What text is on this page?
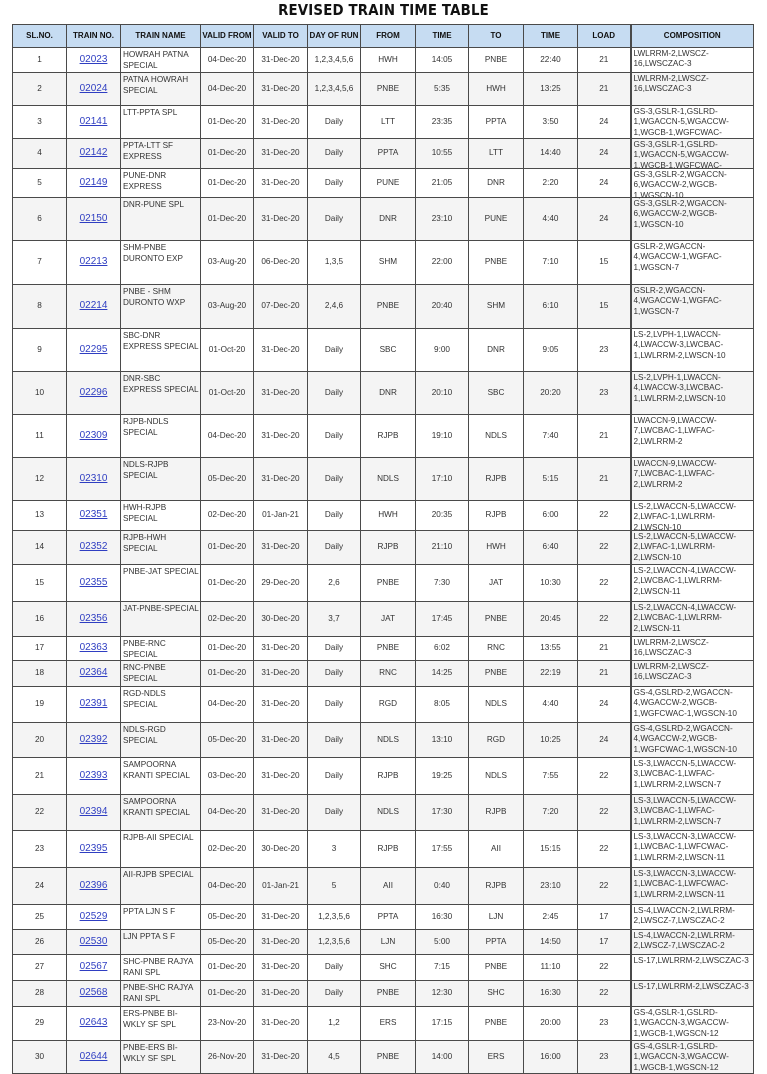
REVISED TRAIN TIME TABLE
SL.NO.	TRAIN NO.	TRAIN NAME	VALID FROM	VALID TO	DAY OF RUN	FROM	TIME	TO	TIME	LOAD	COMPOSITION
1	02023	HOWRAH PATNA SPECIAL	04-Dec-20	31-Dec-20	1,2,3,4,5,6	HWH	14:05	PNBE	22:40	21	LWLRRM-2,LWSCZ-16,LWSCZAC-3

2	02024	PATNA HOWRAH SPECIAL	04-Dec-20	31-Dec-20	1,2,3,4,5,6	PNBE	5:35	HWH	13:25	21	LWLRRM-2,LWSCZ-16,LWSCZAC-3

3	02141	LTT-PPTA SPL	01-Dec-20	31-Dec-20	Daily	LTT	23:35	PPTA	3:50	24	GS-3,GSLR-1,GSLRD-1,WGACCN-5,WGACCW-1,WGCB-1,WGFCWAC-

4	02142	PPTA-LTT SF EXPRESS	01-Dec-20	31-Dec-20	Daily	PPTA	10:55	LTT	14:40	24	GS-3,GSLR-1,GSLRD-1,WGACCN-5,WGACCW-1,WGCB-1,WGFCWAC-

5	02149	PUNE-DNR EXPRESS	01-Dec-20	31-Dec-20	Daily	PUNE	21:05	DNR	2:20	24	GS-3,GSLR-2,WGACCN-6,WGACCW-2,WGCB-1,WGSCN-10

6	02150	DNR-PUNE SPL	01-Dec-20	31-Dec-20	Daily	DNR	23:10	PUNE	4:40	24	GS-3,GSLR-2,WGACCN-6,WGACCW-2,WGCB-1,WGSCN-10

7	02213	SHM-PNBE DURONTO EXP	03-Aug-20	06-Dec-20	1,3,5	SHM	22:00	PNBE	7:10	15	GSLR-2,WGACCN-4,WGACCW-1,WGFAC-1,WGSCN-7

8	02214	PNBE - SHM DURONTO WXP	03-Aug-20	07-Dec-20	2,4,6	PNBE	20:40	SHM	6:10	15	GSLR-2,WGACCN-4,WGACCW-1,WGFAC-1,WGSCN-7

9	02295	SBC-DNR EXPRESS SPECIAL	01-Oct-20	31-Dec-20	Daily	SBC	9:00	DNR	9:05	23	LS-2,LVPH-1,LWACCN-4,LWACCW-3,LWCBAC-1,LWLRRM-2,LWSCN-10

10	02296	DNR-SBC EXPRESS SPECIAL	01-Oct-20	31-Dec-20	Daily	DNR	20:10	SBC	20:20	23	LS-2,LVPH-1,LWACCN-4,LWACCW-3,LWCBAC-1,LWLRRM-2,LWSCN-10

11	02309	RJPB-NDLS SPECIAL	04-Dec-20	31-Dec-20	Daily	RJPB	19:10	NDLS	7:40	21	LWACCN-9,LWACCW-7,LWCBAC-1,LWFAC-2,LWLRRM-2

12	02310	NDLS-RJPB SPECIAL	05-Dec-20	31-Dec-20	Daily	NDLS	17:10	RJPB	5:15	21	LWACCN-9,LWACCW-7,LWCBAC-1,LWFAC-2,LWLRRM-2

13	02351	HWH-RJPB SPECIAL	02-Dec-20	01-Jan-21	Daily	HWH	20:35	RJPB	6:00	22	LS-2,LWACCN-5,LWACCW-2,LWFAC-1,LWLRRM-2,LWSCN-10

14	02352	RJPB-HWH SPECIAL	01-Dec-20	31-Dec-20	Daily	RJPB	21:10	HWH	6:40	22	LS-2,LWACCN-5,LWACCW-2,LWFAC-1,LWLRRM-2,LWSCN-10

15	02355	PNBE-JAT SPECIAL	01-Dec-20	29-Dec-20	2,6	PNBE	7:30	JAT	10:30	22	LS-2,LWACCN-4,LWACCW-2,LWCBAC-1,LWLRRM-2,LWSCN-11

16	02356	JAT-PNBE-SPECIAL	02-Dec-20	30-Dec-20	3,7	JAT	17:45	PNBE	20:45	22	LS-2,LWACCN-4,LWACCW-2,LWCBAC-1,LWLRRM-2,LWSCN-11

17	02363	PNBE-RNC SPECIAL	01-Dec-20	31-Dec-20	Daily	PNBE	6:02	RNC	13:55	21	LWLRRM-2,LWSCZ-16,LWSCZAC-3

18	02364	RNC-PNBE SPECIAL	01-Dec-20	31-Dec-20	Daily	RNC	14:25	PNBE	22:19	21	LWLRRM-2,LWSCZ-16,LWSCZAC-3

19	02391	RGD-NDLS SPECIAL	04-Dec-20	31-Dec-20	Daily	RGD	8:05	NDLS	4:40	24	GS-4,GSLRD-2,WGACCN-4,WGACCW-2,WGCB-1,WGFCWAC-1,WGSCN-10

20	02392	NDLS-RGD SPECIAL	05-Dec-20	31-Dec-20	Daily	NDLS	13:10	RGD	10:25	24	GS-4,GSLRD-2,WGACCN-4,WGACCW-2,WGCB-1,WGFCWAC-1,WGSCN-10

21	02393	SAMPOORNA KRANTI SPECIAL	03-Dec-20	31-Dec-20	Daily	RJPB	19:25	NDLS	7:55	22	LS-3,LWACCN-5,LWACCW-3,LWCBAC-1,LWFAC-1,LWLRRM-2,LWSCN-7

22	02394	SAMPOORNA KRANTI SPECIAL	04-Dec-20	31-Dec-20	Daily	NDLS	17:30	RJPB	7:20	22	LS-3,LWACCN-5,LWACCW-3,LWCBAC-1,LWFAC-1,LWLRRM-2,LWSCN-7

23	02395	RJPB-AII SPECIAL	02-Dec-20	30-Dec-20	3	RJPB	17:55	AII	15:15	22	LS-3,LWACCN-3,LWACCW-1,LWCBAC-1,LWFCWAC-1,LWLRRM-2,LWSCN-11

24	02396	AII-RJPB SPECIAL	04-Dec-20	01-Jan-21	5	AII	0:40	RJPB	23:10	22	LS-3,LWACCN-3,LWACCW-1,LWCBAC-1,LWFCWAC-1,LWLRRM-2,LWSCN-11

25	02529	PPTA LJN S F	05-Dec-20	31-Dec-20	1,2,3,5,6	PPTA	16:30	LJN	2:45	17	LS-4,LWACCN-2,LWLRRM-2,LWSCZ-7,LWSCZAC-2

26	02530	LJN PPTA S F	05-Dec-20	31-Dec-20	1,2,3,5,6	LJN	5:00	PPTA	14:50	17	LS-4,LWACCN-2,LWLRRM-2,LWSCZ-7,LWSCZAC-2

27	02567	SHC-PNBE RAJYA RANI SPL	01-Dec-20	31-Dec-20	Daily	SHC	7:15	PNBE	11:10	22	LS-17,LWLRRM-2,LWSCZAC-3

28	02568	PNBE-SHC RAJYA RANI SPL	01-Dec-20	31-Dec-20	Daily	PNBE	12:30	SHC	16:30	22	LS-17,LWLRRM-2,LWSCZAC-3

29	02643	ERS-PNBE BI-WKLY SF SPL	23-Nov-20	31-Dec-20	1,2	ERS	17:15	PNBE	20:00	23	GS-4,GSLR-1,GSLRD-1,WGACCN-3,WGACCW-1,WGCB-1,WGSCN-12

30	02644	PNBE-ERS BI-WKLY SF SPL	26-Nov-20	31-Dec-20	4,5	PNBE	14:00	ERS	16:00	23	GS-4,GSLR-1,GSLRD-1,WGACCN-3,WGACCW-1,WGCB-1,WGSCN-12
